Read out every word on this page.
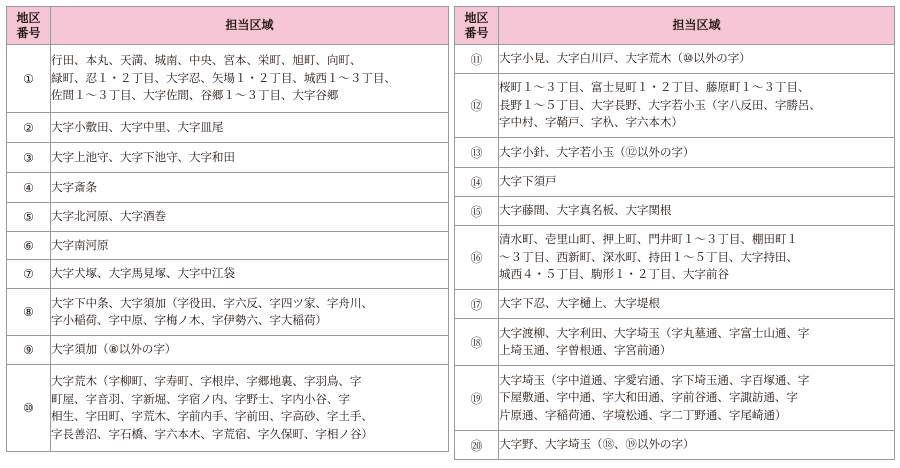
地区
番号	担当区域
①	行田、本丸、天満、城南、中央、宮本、栄町、旭町、向町、
緑町、忍１・２丁目、大字忍、矢場１・２丁目、城西１～３丁目、
佐間１～３丁目、大字佐間、谷郷１～３丁目、大字谷郷

②	大字小敷田、大字中里、大字皿尾

③	大字上池守、大字下池守、大字和田

④	大字斎条

⑤	大字北河原、大字酒巻

⑥	大字南河原

⑦	大字犬塚、大字馬見塚、大字中江袋

⑧	大字下中条、大字須加（字役田、字六反、字四ツ家、字舟川、
字小稲荷、字中原、字梅ノ木、字伊勢六、字大稲荷）

⑨	大字須加（⑧以外の字）

⑩	大字荒木（字柳町、字寿町、字根岸、字郷地裏、字羽鳥、字
町屋、字音羽、字新堀、字宿ノ内、字野士、字内小谷、字
相生、字田町、字荒木、字前内手、字前田、字高砂、字土手、
字長善沼、字石橋、字六本木、字荒宿、字久保町、字相ノ谷）
地区
番号	担当区域
⑪	大字小見、大字白川戸、大字荒木（⑩以外の字）

⑫	桜町１～３丁目、富士見町１・２丁目、藤原町１～３丁目、
長野１～５丁目、大字長野、大字若小玉（字八反田、字勝呂、
字中村、字鞘戸、字杁、字六本木）

⑬	大字小針、大字若小玉（⑫以外の字）

⑭	大字下須戸

⑮	大字藤間、大字真名板、大字関根

⑯	清水町、壱里山町、押上町、門井町１～３丁目、棚田町１
～３丁目、西新町、深水町、持田１～５丁目、大字持田、
城西４・５丁目、駒形１・２丁目、大字前谷

⑰	大字下忍、大字樋上、大字堤根

⑱	大字渡柳、大字利田、大字埼玉（字丸墓通、字富士山通、字
上埼玉通、字曽根通、字宮前通）

⑲	大字埼玉（字中道通、字愛宕通、字下埼玉通、字百塚通、字
下屋敷通、字中通、字大和田通、字前谷通、字諏訪通、字
片原通、字稲荷通、字境松通、字二丁野通、字尾崎通）

⑳	大字野、大字埼玉（⑱、⑲以外の字）
